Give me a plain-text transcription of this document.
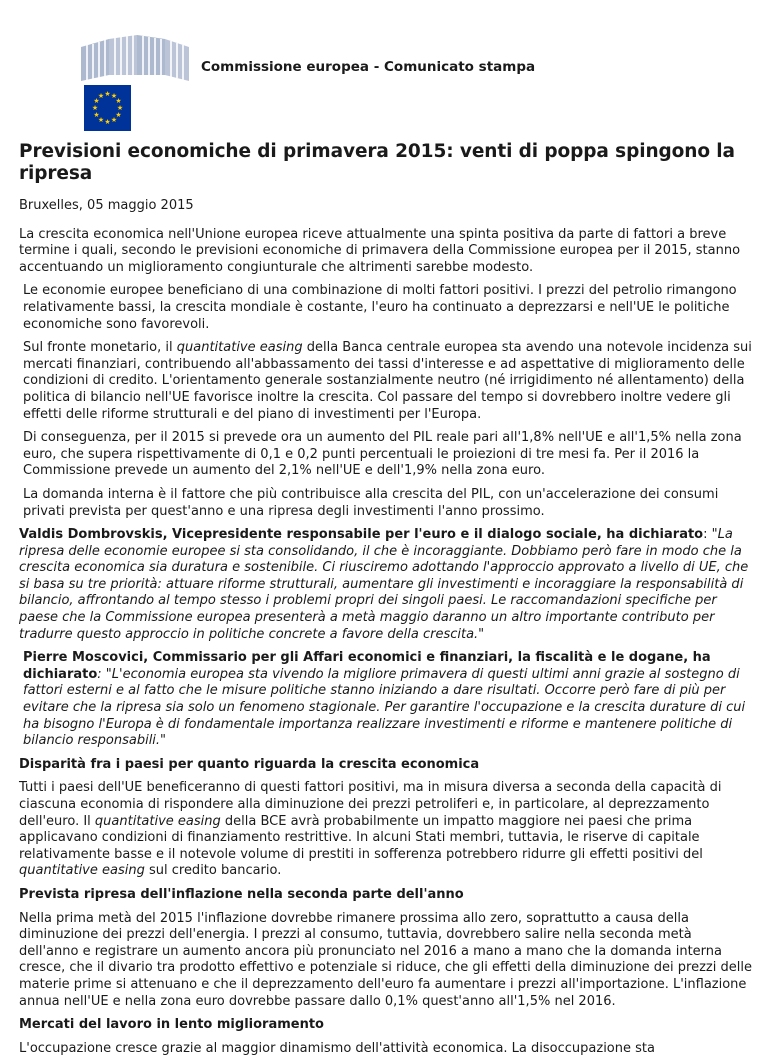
★ ★
★
★
★
★
★
★
★
★
★
★
Commissione europea - Comunicato stampa
Previsioni economiche di primavera 2015: venti di poppa spingono la ripresa

Bruxelles, 05 maggio 2015

La crescita economica nell'Unione europea riceve attualmente una spinta positiva da parte di fattori a breve termine i quali, secondo le previsioni economiche di primavera della Commissione europea per il 2015, stanno accentuando un miglioramento congiunturale che altrimenti sarebbe modesto.

Le economie europee beneficiano di una combinazione di molti fattori positivi. I prezzi del petrolio rimangono relativamente bassi, la crescita mondiale è costante, l'euro ha continuato a deprezzarsi e nell'UE le politiche economiche sono favorevoli.

Sul fronte monetario, il quantitative easing della Banca centrale europea sta avendo una notevole incidenza sui mercati finanziari, contribuendo all'abbassamento dei tassi d'interesse e ad aspettative di miglioramento delle condizioni di credito. L'orientamento generale sostanzialmente neutro (né irrigidimento né allentamento) della politica di bilancio nell'UE favorisce inoltre la crescita. Col passare del tempo si dovrebbero inoltre vedere gli effetti delle riforme strutturali e del piano di investimenti per l'Europa.

Di conseguenza, per il 2015 si prevede ora un aumento del PIL reale pari all'1,8% nell'UE e all'1,5% nella zona euro, che supera rispettivamente di 0,1 e 0,2 punti percentuali le proiezioni di tre mesi fa. Per il 2016 la Commissione prevede un aumento del 2,1% nell'UE e dell'1,9% nella zona euro.

La domanda interna è il fattore che più contribuisce alla crescita del PIL, con un'accelerazione dei consumi privati prevista per quest'anno e una ripresa degli investimenti l'anno prossimo.

Valdis Dombrovskis, Vicepresidente responsabile per l'euro e il dialogo sociale, ha dichiarato: "La ripresa delle economie europee si sta consolidando, il che è incoraggiante. Dobbiamo però fare in modo che la crescita economica sia duratura e sostenibile. Ci riusciremo adottando l'approccio approvato a livello di UE, che si basa su tre priorità: attuare riforme strutturali, aumentare gli investimenti e incoraggiare la responsabilità di bilancio, affrontando al tempo stesso i problemi propri dei singoli paesi. Le raccomandazioni specifiche per paese che la Commissione europea presenterà a metà maggio daranno un altro importante contributo per tradurre questo approccio in politiche concrete a favore della crescita."

Pierre Moscovici, Commissario per gli Affari economici e finanziari, la fiscalità e le dogane, ha dichiarato: "L'economia europea sta vivendo la migliore primavera di questi ultimi anni grazie al sostegno di fattori esterni e al fatto che le misure politiche stanno iniziando a dare risultati. Occorre però fare di più per evitare che la ripresa sia solo un fenomeno stagionale. Per garantire l'occupazione e la crescita durature di cui ha bisogno l'Europa è di fondamentale importanza realizzare investimenti e riforme e mantenere politiche di bilancio responsabili."

Disparità fra i paesi per quanto riguarda la crescita economica

Tutti i paesi dell'UE beneficeranno di questi fattori positivi, ma in misura diversa a seconda della capacità di ciascuna economia di rispondere alla diminuzione dei prezzi petroliferi e, in particolare, al deprezzamento dell'euro. Il quantitative easing della BCE avrà probabilmente un impatto maggiore nei paesi che prima applicavano condizioni di finanziamento restrittive. In alcuni Stati membri, tuttavia, le riserve di capitale relativamente basse e il notevole volume di prestiti in sofferenza potrebbero ridurre gli effetti positivi del quantitative easing sul credito bancario.

Prevista ripresa dell'inflazione nella seconda parte dell'anno

Nella prima metà del 2015 l'inflazione dovrebbe rimanere prossima allo zero, soprattutto a causa della diminuzione dei prezzi dell'energia. I prezzi al consumo, tuttavia, dovrebbero salire nella seconda metà dell'anno e registrare un aumento ancora più pronunciato nel 2016 a mano a mano che la domanda interna cresce, che il divario tra prodotto effettivo e potenziale si riduce, che gli effetti della diminuzione dei prezzi delle materie prime si attenuano e che il deprezzamento dell'euro fa aumentare i prezzi all'importazione. L'inflazione annua nell'UE e nella zona euro dovrebbe passare dallo 0,1% quest'anno all'1,5% nel 2016.

Mercati del lavoro in lento miglioramento

L'occupazione cresce grazie al maggior dinamismo dell'attività economica. La disoccupazione sta
